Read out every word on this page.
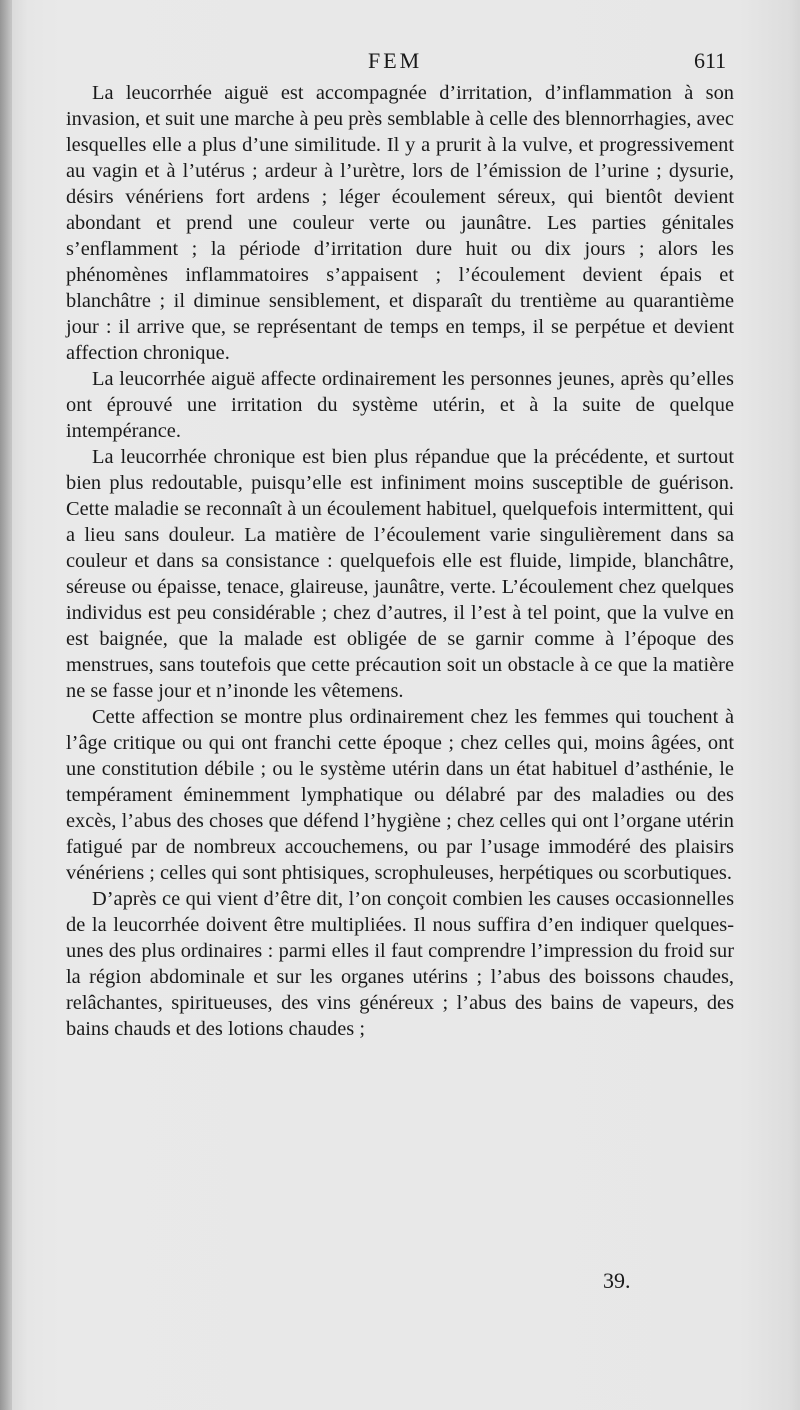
FEM	611

La leucorrhée aiguë est accompagnée d’irritation, d’inflammation à son invasion, et suit une marche à peu près semblable à celle des blennorrhagies, avec lesquelles elle a plus d’une similitude. Il y a prurit à la vulve, et progressivement au vagin et à l’utérus ; ardeur à l’urètre, lors de l’émission de l’urine ; dysurie, désirs vénériens fort ardens ; léger écoulement séreux, qui bientôt devient abondant et prend une couleur verte ou jaunâtre. Les parties génitales s’enflamment ; la période d’irritation dure huit ou dix jours ; alors les phénomènes inflammatoires s’appaisent ; l’écoulement devient épais et blanchâtre ; il diminue sensiblement, et disparaît du trentième au quarantième jour : il arrive que, se représentant de temps en temps, il se perpétue et devient affection chronique.

La leucorrhée aiguë affecte ordinairement les personnes jeunes, après qu’elles ont éprouvé une irritation du système utérin, et à la suite de quelque intempérance.

La leucorrhée chronique est bien plus répandue que la précédente, et surtout bien plus redoutable, puisqu’elle est infiniment moins susceptible de guérison. Cette maladie se reconnaît à un écoulement habituel, quelquefois intermittent, qui a lieu sans douleur. La matière de l’écoulement varie singulièrement dans sa couleur et dans sa consistance : quelquefois elle est fluide, limpide, blanchâtre, séreuse ou épaisse, tenace, glaireuse, jaunâtre, verte. L’écoulement chez quelques individus est peu considérable ; chez d’autres, il l’est à tel point, que la vulve en est baignée, que la malade est obligée de se garnir comme à l’époque des menstrues, sans toutefois que cette précaution soit un obstacle à ce que la matière ne se fasse jour et n’inonde les vêtemens.

Cette affection se montre plus ordinairement chez les femmes qui touchent à l’âge critique ou qui ont franchi cette époque ; chez celles qui, moins âgées, ont une constitution débile ; ou le système utérin dans un état habituel d’asthénie, le tempérament éminemment lymphatique ou délabré par des maladies ou des excès, l’abus des choses que défend l’hygiène ; chez celles qui ont l’organe utérin fatigué par de nombreux accouchemens, ou par l’usage immodéré des plaisirs vénériens ; celles qui sont phtisiques, scrophuleuses, herpétiques ou scorbutiques.

D’après ce qui vient d’être dit, l’on conçoit combien les causes occasionnelles de la leucorrhée doivent être multipliées. Il nous suffira d’en indiquer quelques-unes des plus ordinaires : parmi elles il faut comprendre l’impression du froid sur la région abdominale et sur les organes utérins ; l’abus des boissons chaudes, relâchantes, spiritueuses, des vins généreux ; l’abus des bains de vapeurs, des bains chauds et des lotions chaudes ;

39.
